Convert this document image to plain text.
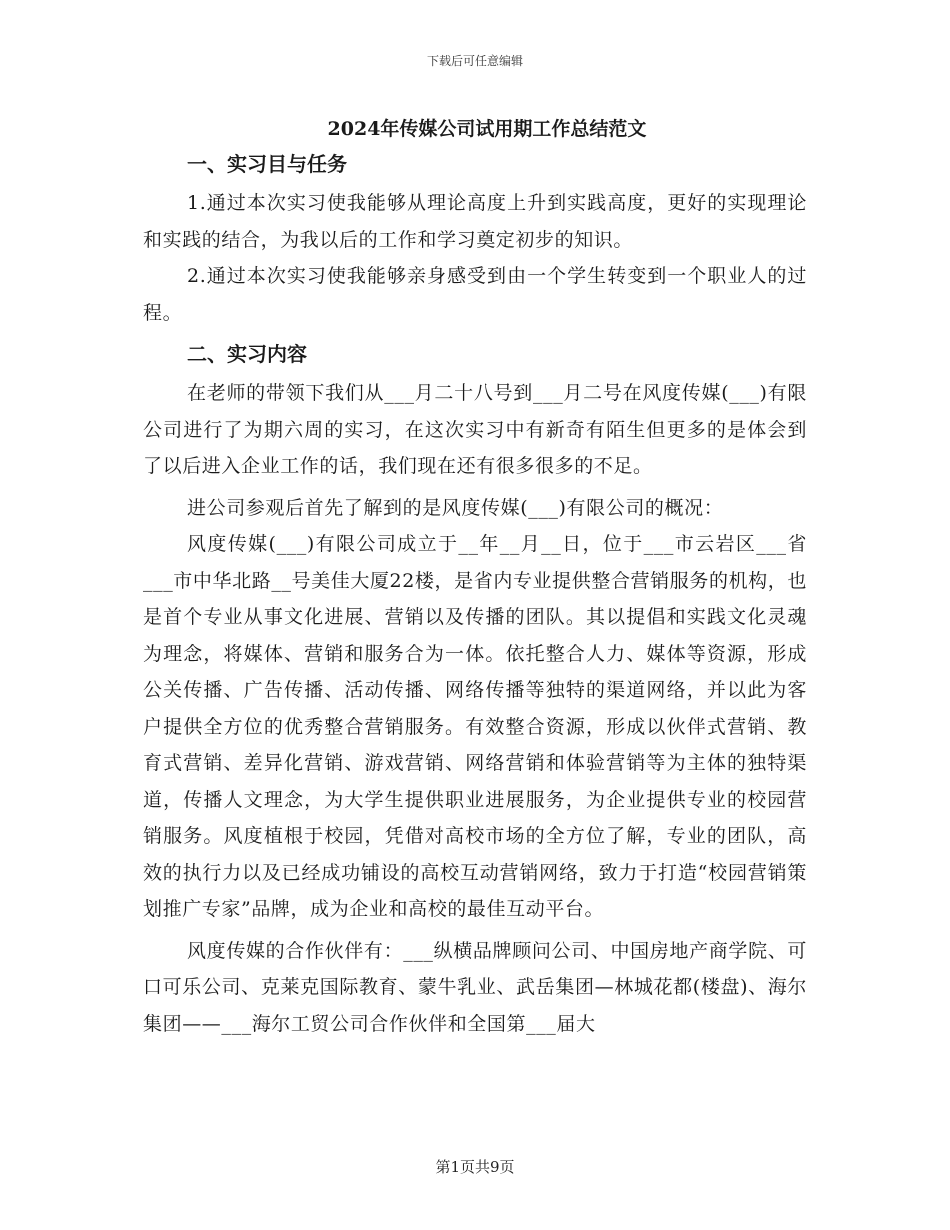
下载后可任意编辑
2024年传媒公司试用期工作总结范文
一、实习目与任务

1.通过本次实习使我能够从理论高度上升到实践高度，更好的实现理论和实践的结合，为我以后的工作和学习奠定初步的知识。

2.通过本次实习使我能够亲身感受到由一个学生转变到一个职业人的过程。

二、实习内容

在老师的带领下我们从___月二十八号到___月二号在风度传媒(___)有限公司进行了为期六周的实习，在这次实习中有新奇有陌生但更多的是体会到了以后进入企业工作的话，我们现在还有很多很多的不足。

进公司参观后首先了解到的是风度传媒(___)有限公司的概况：

风度传媒(___)有限公司成立于__年__月__日，位于___市云岩区___省___市中华北路__号美佳大厦22楼，是省内专业提供整合营销服务的机构，也是首个专业从事文化进展、营销以及传播的团队。其以提倡和实践文化灵魂为理念，将媒体、营销和服务合为一体。依托整合人力、媒体等资源，形成公关传播、广告传播、活动传播、网络传播等独特的渠道网络，并以此为客户提供全方位的优秀整合营销服务。有效整合资源，形成以伙伴式营销、教育式营销、差异化营销、游戏营销、网络营销和体验营销等为主体的独特渠道，传播人文理念，为大学生提供职业进展服务，为企业提供专业的校园营销服务。风度植根于校园，凭借对高校市场的全方位了解，专业的团队，高效的执行力以及已经成功铺设的高校互动营销网络，致力于打造“校园营销策划推广专家”品牌，成为企业和高校的最佳互动平台。

风度传媒的合作伙伴有：___纵横品牌顾问公司、中国房地产商学院、可口可乐公司、克莱克国际教育、蒙牛乳业、武岳集团—林城花都(楼盘)、海尔集团——___海尔工贸公司合作伙伴和全国第___届大

第1页共9页
